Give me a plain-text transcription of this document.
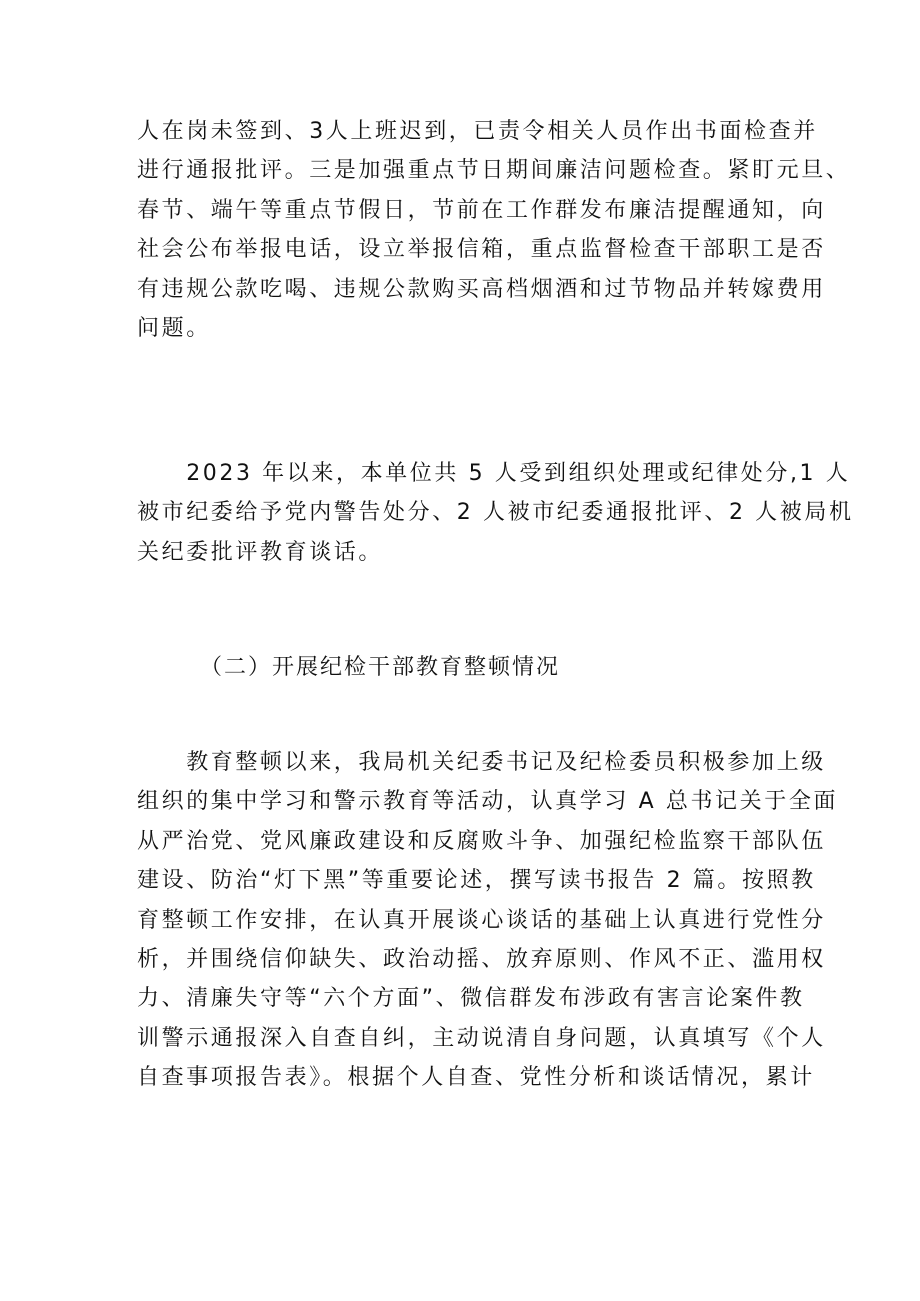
人在岗未签到、3人上班迟到，已责令相关人员作出书面检查并
进行通报批评。三是加强重点节日期间廉洁问题检查。紧盯元旦、
春节、端午等重点节假日，节前在工作群发布廉洁提醒通知，向
社会公布举报电话，设立举报信箱，重点监督检查干部职工是否
有违规公款吃喝、违规公款购买高档烟酒和过节物品并转嫁费用
问题。
　　2023 年以来，本单位共 5 人受到组织处理或纪律处分,1 人
被市纪委给予党内警告处分、2 人被市纪委通报批评、2 人被局机
关纪委批评教育谈话。
（二）开展纪检干部教育整顿情况
　　教育整顿以来，我局机关纪委书记及纪检委员积极参加上级
组织的集中学习和警示教育等活动，认真学习 A 总书记关于全面
从严治党、党风廉政建设和反腐败斗争、加强纪检监察干部队伍
建设、防治“灯下黑”等重要论述，撰写读书报告 2 篇。按照教
育整顿工作安排，在认真开展谈心谈话的基础上认真进行党性分
析，并围绕信仰缺失、政治动摇、放弃原则、作风不正、滥用权
力、清廉失守等“六个方面”、微信群发布涉政有害言论案件教
训警示通报深入自查自纠，主动说清自身问题，认真填写《个人
自查事项报告表》。根据个人自查、党性分析和谈话情况，累计
